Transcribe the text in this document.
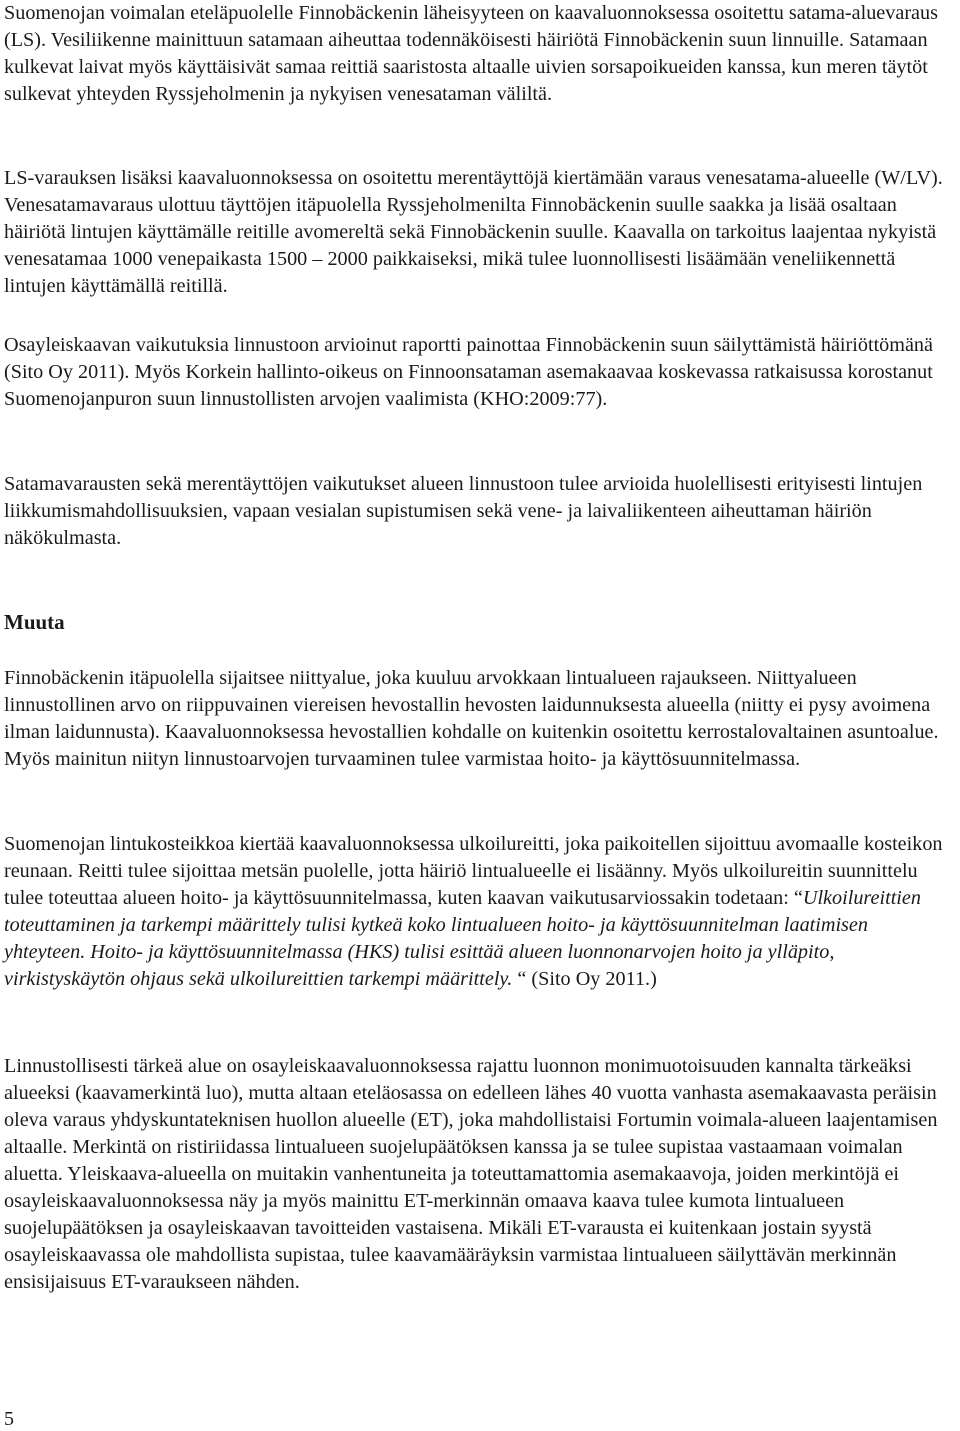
Suomenojan voimalan eteläpuolelle Finnobäckenin läheisyyteen on kaavaluonnoksessa osoitettu satama-aluevaraus (LS). Vesiliikenne mainittuun satamaan aiheuttaa todennäköisesti häiriötä Finnobäckenin suun linnuille. Satamaan kulkevat laivat myös käyttäisivät samaa reittiä saaristosta altaalle uivien sorsapoikueiden kanssa, kun meren täytöt sulkevat yhteyden Ryssjeholmenin ja nykyisen venesataman väliltä.

LS-varauksen lisäksi kaavaluonnoksessa on osoitettu merentäyttöjä kiertämään varaus venesatama-alueelle (W/LV). Venesatamavaraus ulottuu täyttöjen itäpuolella Ryssjeholmenilta Finnobäckenin suulle saakka ja lisää osaltaan häiriötä lintujen käyttämälle reitille avomereltä sekä Finnobäckenin suulle. Kaavalla on tarkoitus laajentaa nykyistä venesatamaa 1000 venepaikasta 1500 – 2000 paikkaiseksi, mikä tulee luonnollisesti lisäämään veneliikennettä lintujen käyttämällä reitillä.

Osayleiskaavan vaikutuksia linnustoon arvioinut raportti painottaa Finnobäckenin suun säilyttämistä häiriöttömänä (Sito Oy 2011). Myös Korkein hallinto-oikeus on Finnoonsataman asemakaavaa koskevassa ratkaisussa korostanut Suomenojanpuron suun linnustollisten arvojen vaalimista (KHO:2009:77).

Satamavarausten sekä merentäyttöjen vaikutukset alueen linnustoon tulee arvioida huolellisesti erityisesti lintujen liikkumismahdollisuuksien, vapaan vesialan supistumisen sekä vene- ja laivaliikenteen aiheuttaman häiriön näkökulmasta.

Muuta

Finnobäckenin itäpuolella sijaitsee niittyalue, joka kuuluu arvokkaan lintualueen rajaukseen. Niittyalueen linnustollinen arvo on riippuvainen viereisen hevostallin hevosten laidunnuksesta alueella (niitty ei pysy avoimena ilman laidunnusta). Kaavaluonnoksessa hevostallien kohdalle on kuitenkin osoitettu kerrostalovaltainen asuntoalue. Myös mainitun niityn linnustoarvojen turvaaminen tulee varmistaa hoito- ja käyttösuunnitelmassa.

Suomenojan lintukosteikkoa kiertää kaavaluonnoksessa ulkoilureitti, joka paikoitellen sijoittuu avomaalle kosteikon reunaan. Reitti tulee sijoittaa metsän puolelle, jotta häiriö lintualueelle ei lisäänny. Myös ulkoilureitin suunnittelu tulee toteuttaa alueen hoito- ja käyttösuunnitelmassa, kuten kaavan vaikutusarviossakin todetaan: “Ulkoilureittien toteuttaminen ja tarkempi määrittely tulisi kytkeä koko lintualueen hoito- ja käyttösuunnitelman laatimisen yhteyteen. Hoito- ja käyttösuunnitelmassa (HKS) tulisi esittää alueen luonnonarvojen hoito ja ylläpito, virkistyskäytön ohjaus sekä ulkoilureittien tarkempi määrittely. “ (Sito Oy 2011.)

Linnustollisesti tärkeä alue on osayleiskaavaluonnoksessa rajattu luonnon monimuotoisuuden kannalta tärkeäksi alueeksi (kaavamerkintä luo), mutta altaan eteläosassa on edelleen lähes 40 vuotta vanhasta asemakaavasta peräisin oleva varaus yhdyskuntateknisen huollon alueelle (ET), joka mahdollistaisi Fortumin voimala-alueen laajentamisen altaalle. Merkintä on ristiriidassa lintualueen suojelupäätöksen kanssa ja se tulee supistaa vastaamaan voimalan aluetta. Yleiskaava-alueella on muitakin vanhentuneita ja toteuttamattomia asemakaavoja, joiden merkintöjä ei osayleiskaavaluonnoksessa näy ja myös mainittu ET-merkinnän omaava kaava tulee kumota lintualueen suojelupäätöksen ja osayleiskaavan tavoitteiden vastaisena. Mikäli ET-varausta ei kuitenkaan jostain syystä osayleiskaavassa ole mahdollista supistaa, tulee kaavamääräyksin varmistaa lintualueen säilyttävän merkinnän ensisijaisuus ET-varaukseen nähden.

5
